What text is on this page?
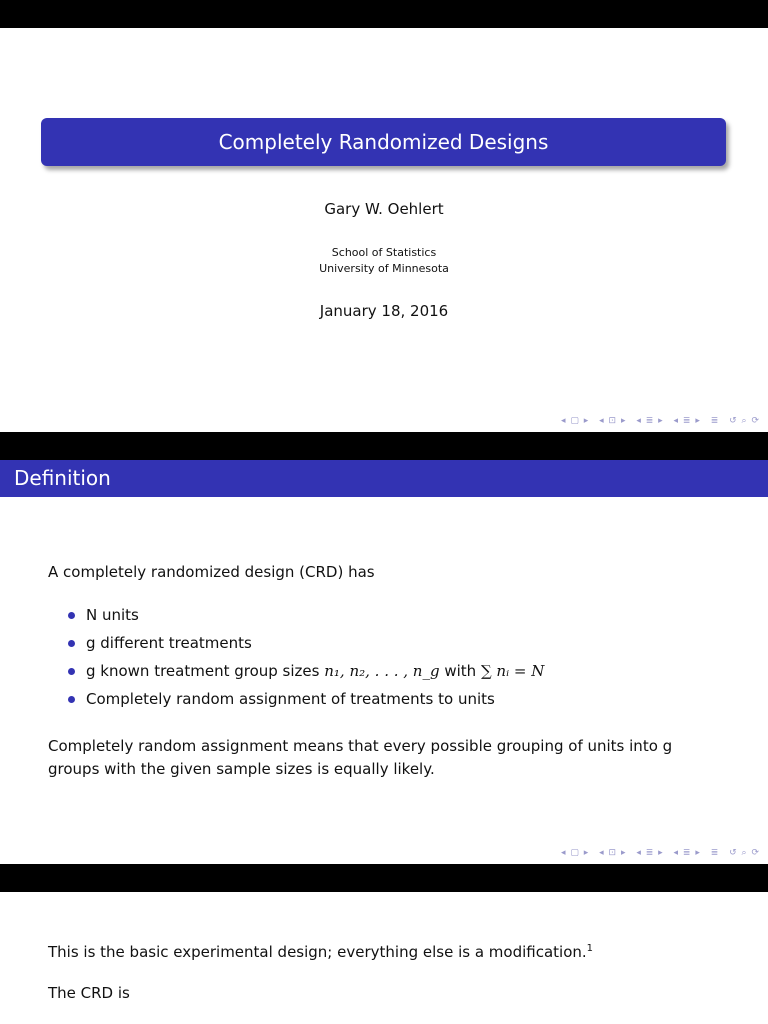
Completely Randomized Designs
Gary W. Oehlert
School of Statistics
University of Minnesota
January 18, 2016
◂ ▢ ▸ ◂ ⊡ ▸ ◂ ≣ ▸ ◂ ≣ ▸ ≣ ↺ ⌕ ⟳
Definition
A completely randomized design (CRD) has
N units
g different treatments
g known treatment group sizes n₁, n₂, . . . , n_g with ∑ nᵢ = N
Completely random assignment of treatments to units
Completely random assignment means that every possible grouping of units into g groups with the given sample sizes is equally likely.
◂ ▢ ▸ ◂ ⊡ ▸ ◂ ≣ ▸ ◂ ≣ ▸ ≣ ↺ ⌕ ⟳
This is the basic experimental design; everything else is a modification.$^1$
The CRD is
